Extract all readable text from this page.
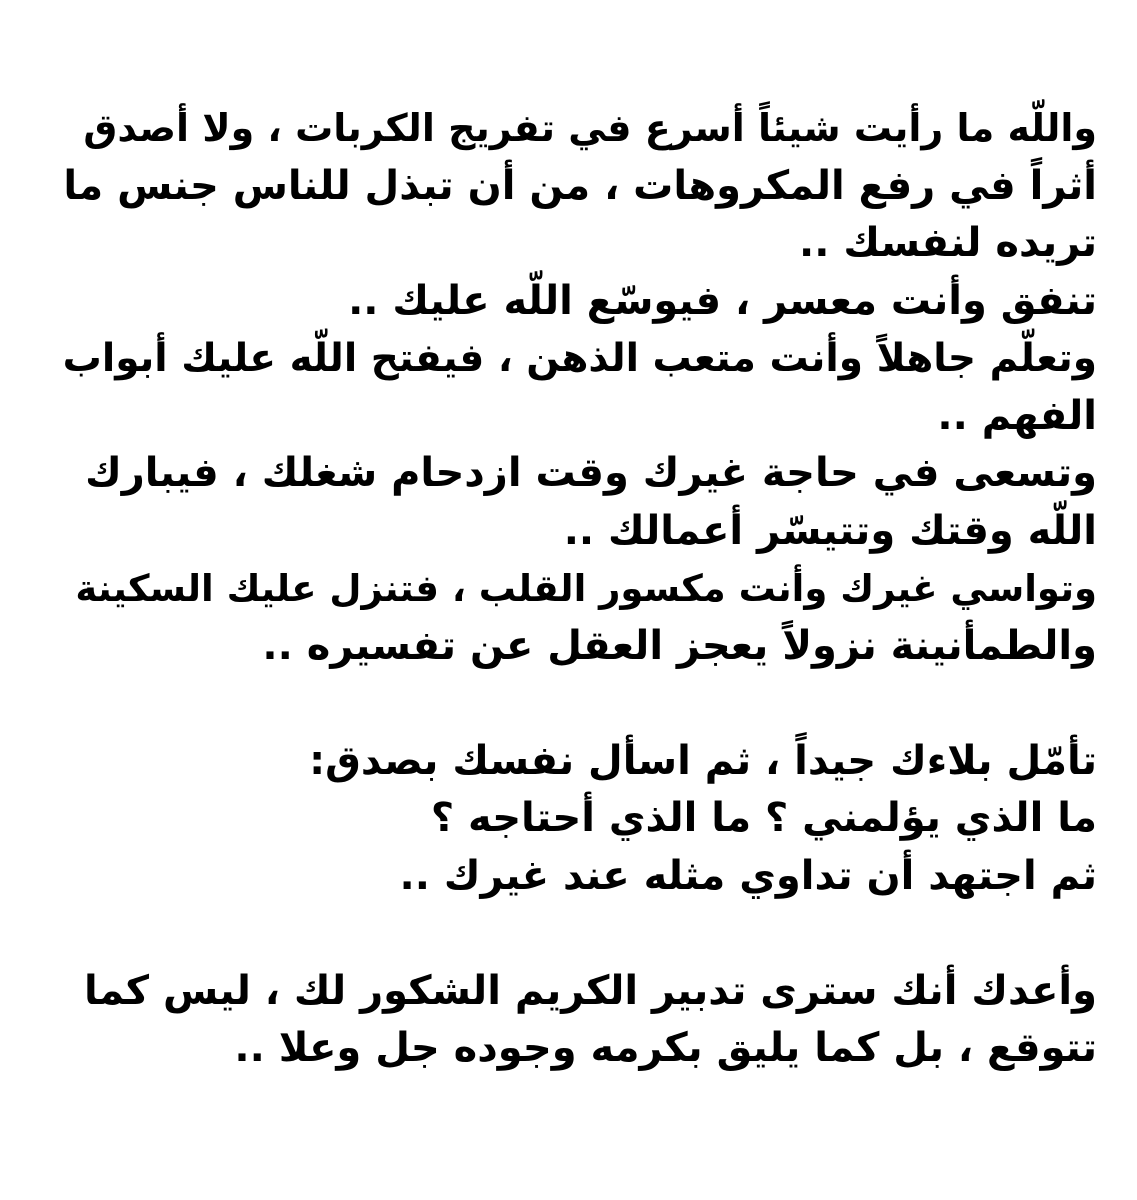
واللّه ما رأيت شيئاً أسرع في تفريج الكربات ، ولا أصدق
أثراً في رفع المكروهات ، من أن تبذل للناس جنس ما
تريده لنفسك ..
تنفق وأنت معسر ، فيوسّع اللّه عليك ..
وتعلّم جاهلاً وأنت متعب الذهن ، فيفتح اللّه عليك أبواب
الفهم ..
وتسعى في حاجة غيرك وقت ازدحام شغلك ، فيبارك
اللّه وقتك وتتيسّر أعمالك ..
وتواسي غيرك وأنت مكسور القلب ، فتنزل عليك السكينة
والطمأنينة نزولاً يعجز العقل عن تفسيره ..
تأمّل بلاءك جيداً ، ثم اسأل نفسك بصدق:
ما الذي يؤلمني ؟ ما الذي أحتاجه ؟
ثم اجتهد أن تداوي مثله عند غيرك ..
وأعدك أنك سترى تدبير الكريم الشكور لك ، ليس كما
تتوقع ، بل كما يليق بكرمه وجوده جل وعلا ..
